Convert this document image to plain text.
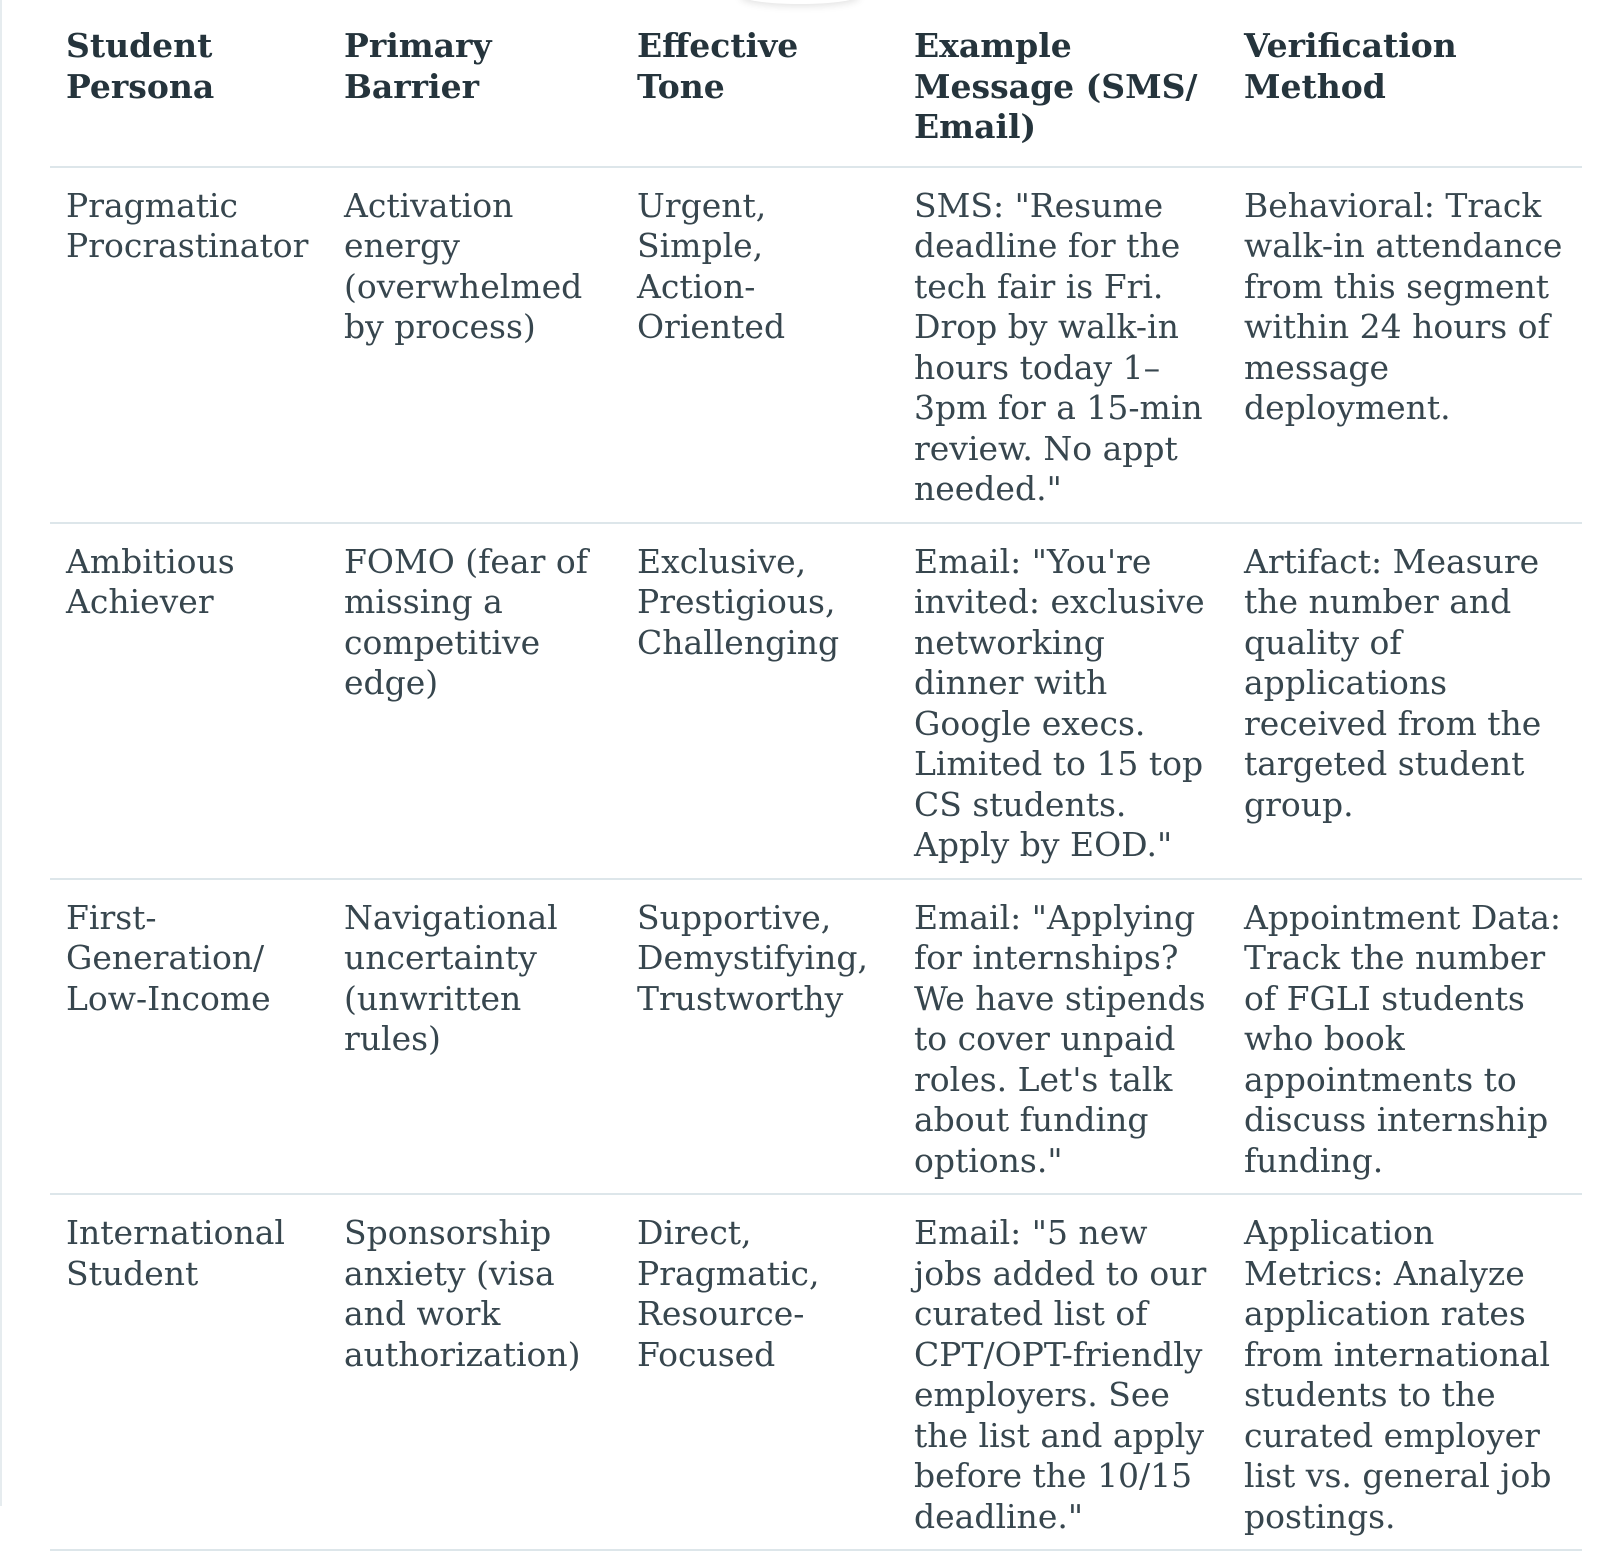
Student Persona	Primary Barrier	Effective Tone	Example Message (SMS/ Email)	Verification Method
Pragmatic Procrastinator	Activation energy (overwhelmed by process)	Urgent, Simple, Action-Oriented	SMS: "Resume deadline for the tech fair is Fri. Drop by walk-in hours today 1–3pm for a 15-min review. No appt needed."	Behavioral: Track walk-in attendance from this segment within 24 hours of message deployment.
Ambitious Achiever	FOMO (fear of missing a competitive edge)	Exclusive, Prestigious, Challenging	Email: "You're invited: exclusive networking dinner with Google execs. Limited to 15 top CS students. Apply by EOD."	Artifact: Measure the number and quality of applications received from the targeted student group.
First-Generation/ Low-Income	Navigational uncertainty (unwritten rules)	Supportive, Demystifying, Trustworthy	Email: "Applying for internships? We have stipends to cover unpaid roles. Let's talk about funding options."	Appointment Data: Track the number of FGLI students who book appointments to discuss internship funding.
International Student	Sponsorship anxiety (visa and work authorization)	Direct, Pragmatic, Resource-Focused	Email: "5 new jobs added to our curated list of CPT/OPT-friendly employers. See the list and apply before the 10/15 deadline."	Application Metrics: Analyze application rates from international students to the curated employer list vs. general job postings.
